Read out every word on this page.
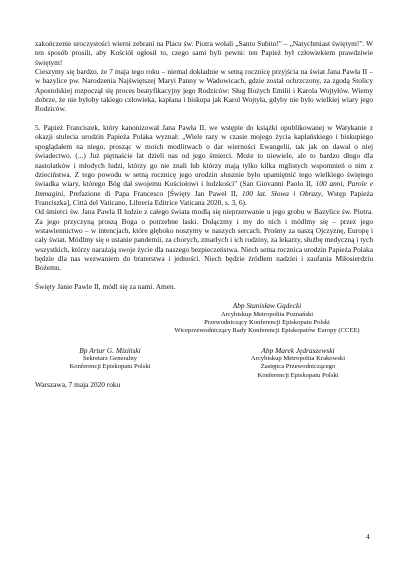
zakończenie uroczystości wierni zebrani na Placu św. Piotra wołali „Santo Subito!" – „Natychmiast świętym!". W ten sposób prosili, aby Kościół ogłosił to, czego sami byli pewni: ten Papież był człowiekiem prawdziwie świętym!

Cieszymy się bardzo, że 7 maja tego roku – niemal dokładnie w setną rocznicę przyjścia na świat Jana Pawła II – w bazylice pw. Narodzenia Najświętszej Maryi Panny w Wadowicach, gdzie został ochrzczony, za zgodą Stolicy Apostolskiej rozpoczął się proces beatyfikacyjny jego Rodziców: Sług Bożych Emilii i Karola Wojtyłów. Wiemy dobrze, że nie byłoby takiego człowieka, kapłana i biskupa jak Karol Wojtyła, gdyby nie było wielkiej wiary jego Rodziców.

5. Papież Franciszek, który kanonizował Jana Pawła II, we wstępie do książki opublikowanej w Watykanie z okazji stulecia urodzin Papieża Polaka wyznał: „Wiele razy w czasie mojego życia kapłańskiego i biskupiego spoglądałem na niego, prosząc w moich modlitwach o dar wierności Ewangelii, tak jak on dawał o niej świadectwo. (...) Już piętnaście lat dzieli nas od jego śmierci. Może to niewiele, ale to bardzo długo dla nastolatków i młodych ludzi, którzy go nie znali lub którzy mają tylko kilka mglistych wspomnień o nim z dzieciństwa. Z tego powodu w setną rocznicę jego urodzin słusznie było upamiętnić tego wielkiego świętego świadka wiary, którego Bóg dał swojemu Kościołowi i ludzkości" (San Giovanni Paolo II, 100 anni, Parole e Immagini, Prefazione di Papa Francesco [Święty Jan Paweł II, 100 lat. Słowa i Obrazy, Wstęp Papieża Franciszka], Città del Vaticano, Libreria Editrice Vaticana 2020, s. 3, 6).

Od śmierci św. Jana Pawła II ludzie z całego świata modlą się nieprzerwanie u jego grobu w Bazylice św. Piotra. Za jego przyczyną proszą Boga o potrzebne łaski. Dołączmy i my do nich i módlmy się – przez jego wstawiennictwo – w intencjach, które głęboko noszymy w naszych sercach. Prośmy za naszą Ojczyznę, Europę i cały świat. Módlmy się o ustanie pandemii, za chorych, zmarłych i ich rodziny, za lekarzy, służbę medyczną i tych wszystkich, którzy narażają swoje życie dla naszego bezpieczeństwa. Niech setna rocznica urodzin Papieża Polaka będzie dla nas wezwaniem do braterstwa i jedności. Niech będzie źródłem nadziei i zaufania Miłosierdziu Bożemu.

Święty Janie Pawle II, módl się za nami. Amen.

Abp Stanisław Gądecki
Arcybiskup Metropolita Poznański
Przewodniczący Konferencji Episkopatu Polski
Wiceprzewodniczący Rady Konferencji Episkopatów Europy (CCEE)
Bp Artur G. Miziński
Sekretarz Generalny
Konferencji Episkopatu Polski
Abp Marek Jędraszewski
Arcybiskup Metropolita Krakowski
Zastępca Przewodniczącego
Konferencji Episkopatu Polski

Warszawa, 7 maja 2020 roku

4
